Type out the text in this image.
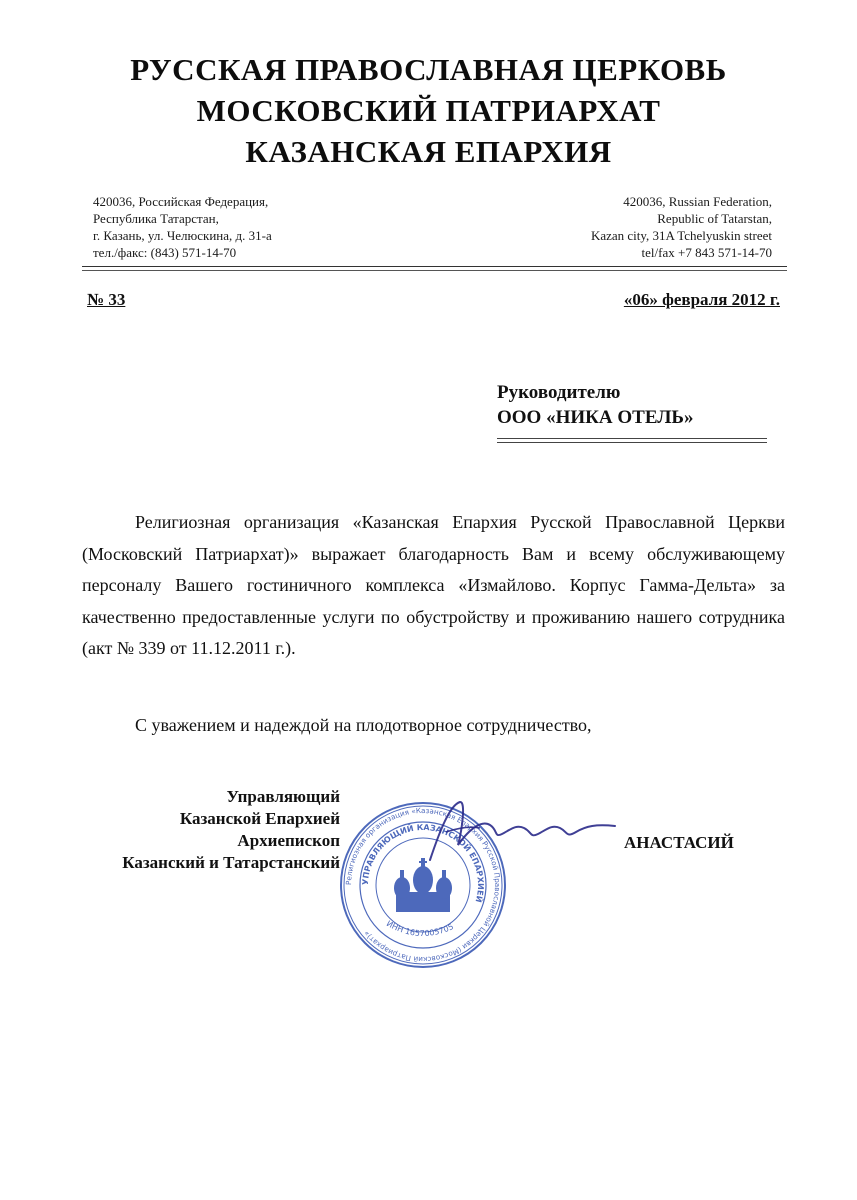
РУССКАЯ ПРАВОСЛАВНАЯ ЦЕРКОВЬ
МОСКОВСКИЙ ПАТРИАРХАТ
КАЗАНСКАЯ ЕПАРХИЯ
420036, Российская Федерация,
Республика Татарстан,
г. Казань, ул. Челюскина, д. 31-а
тел./факс: (843) 571-14-70
420036, Russian Federation,
Republic of Tatarstan,
Kazan city, 31A Tchelyuskin street
tel/fax +7 843 571-14-70
№ 33	«06» февраля 2012 г.
Руководителю
ООО «НИКА ОТЕЛЬ»
Религиозная организация «Казанская Епархия Русской Православной Церкви (Московский Патриархат)» выражает благодарность Вам и всему обслуживающему персоналу Вашего гостиничного комплекса «Измайлово. Корпус Гамма-Дельта» за качественно предоставленные услуги по обустройству и проживанию нашего сотрудника (акт № 339 от 11.12.2011 г.).
С уважением и надеждой на плодотворное сотрудничество,
Управляющий
Казанской Епархией
Архиепископ
Казанский и Татарстанский
Религиозная организация «Казанская Епархия Русской Православной Церкви (Московский Патриархат)»
УПРАВЛЯЮЩИЙ КАЗАНСКОЙ ЕПАРХИЕЙ
ИНН 1657005705
Анастасий
АНАСТАСИЙ
